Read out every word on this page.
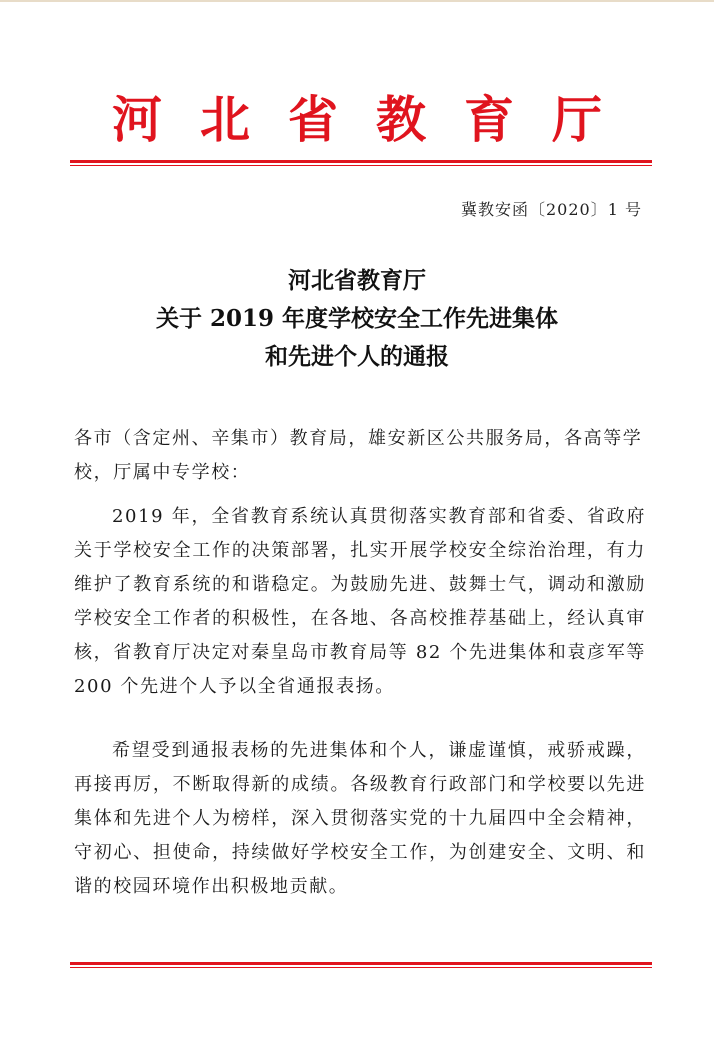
河北省教育厅
冀教安函〔2020〕1 号
河北省教育厅
关于 2019 年度学校安全工作先进集体
和先进个人的通报
各市（含定州、辛集市）教育局，雄安新区公共服务局，各高等学校，厅属中专学校：
2019 年，全省教育系统认真贯彻落实教育部和省委、省政府关于学校安全工作的决策部署，扎实开展学校安全综治治理，有力维护了教育系统的和谐稳定。为鼓励先进、鼓舞士气，调动和激励学校安全工作者的积极性，在各地、各高校推荐基础上，经认真审核，省教育厅决定对秦皇岛市教育局等 82 个先进集体和袁彦军等 200 个先进个人予以全省通报表扬。
希望受到通报表杨的先进集体和个人，谦虚谨慎，戒骄戒躁，再接再厉，不断取得新的成绩。各级教育行政部门和学校要以先进集体和先进个人为榜样，深入贯彻落实党的十九届四中全会精神，守初心、担使命，持续做好学校安全工作，为创建安全、文明、和谐的校园环境作出积极地贡献。
